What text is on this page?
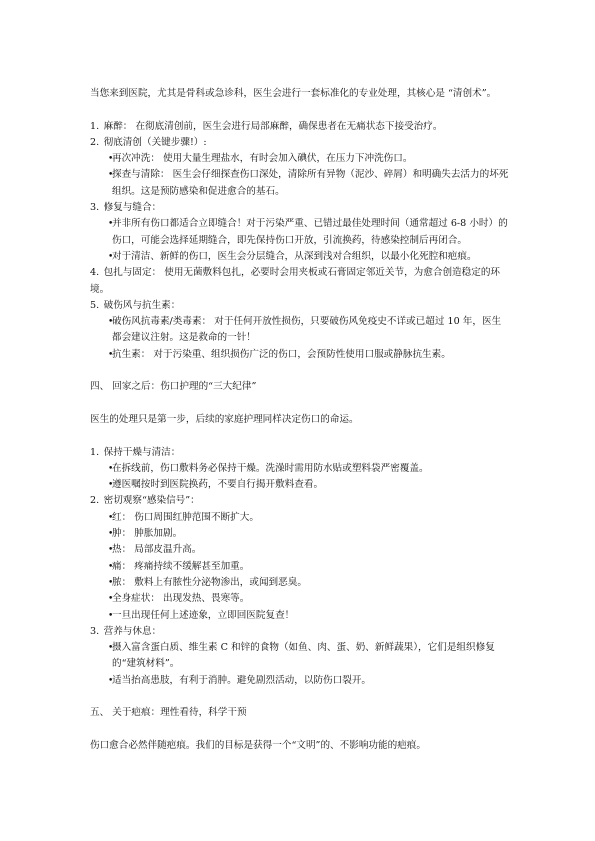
当您来到医院，尤其是骨科或急诊科，医生会进行一套标准化的专业处理，其核心是 “清创术”。

1. 麻醉： 在彻底清创前，医生会进行局部麻醉，确保患者在无痛状态下接受治疗。

2. 彻底清创（关键步骤!）:

• 再次冲洗： 使用大量生理盐水，有时会加入碘伏，在压力下冲洗伤口。

• 探查与清除： 医生会仔细探查伤口深处，清除所有异物（泥沙、碎屑）和明确失去活力的坏死组织。这是预防感染和促进愈合的基石。

3. 修复与缝合：

• 并非所有伤口都适合立即缝合！对于污染严重、已错过最佳处理时间（通常超过 6-8 小时）的伤口，可能会选择延期缝合，即先保持伤口开放，引流换药，待感染控制后再闭合。

• 对于清洁、新鲜的伤口，医生会分层缝合，从深到浅对合组织，以最小化死腔和疤痕。

4. 包扎与固定： 使用无菌敷料包扎，必要时会用夹板或石膏固定邻近关节，为愈合创造稳定的环境。

5. 破伤风与抗生素：

• 破伤风抗毒素/类毒素： 对于任何开放性损伤，只要破伤风免疫史不详或已超过 10 年，医生都会建议注射。这是救命的一针！

• 抗生素： 对于污染重、组织损伤广泛的伤口，会预防性使用口服或静脉抗生素。

四、 回家之后：伤口护理的“三大纪律”

医生的处理只是第一步，后续的家庭护理同样决定伤口的命运。

1. 保持干燥与清洁：

• 在拆线前，伤口敷料务必保持干燥。洗澡时需用防水贴或塑料袋严密覆盖。

• 遵医嘱按时到医院换药，不要自行揭开敷料查看。

2. 密切观察“感染信号”：

• 红： 伤口周围红肿范围不断扩大。

• 肿： 肿胀加剧。

• 热： 局部皮温升高。

• 痛： 疼痛持续不缓解甚至加重。

• 脓： 敷料上有脓性分泌物渗出，或闻到恶臭。

• 全身症状： 出现发热、畏寒等。

• 一旦出现任何上述迹象，立即回医院复查！

3. 营养与休息：

• 摄入富含蛋白质、维生素 C 和锌的食物（如鱼、肉、蛋、奶、新鲜蔬果），它们是组织修复的“建筑材料”。

• 适当抬高患肢，有利于消肿。避免剧烈活动，以防伤口裂开。

五、 关于疤痕：理性看待，科学干预

伤口愈合必然伴随疤痕。我们的目标是获得一个“文明”的、不影响功能的疤痕。
